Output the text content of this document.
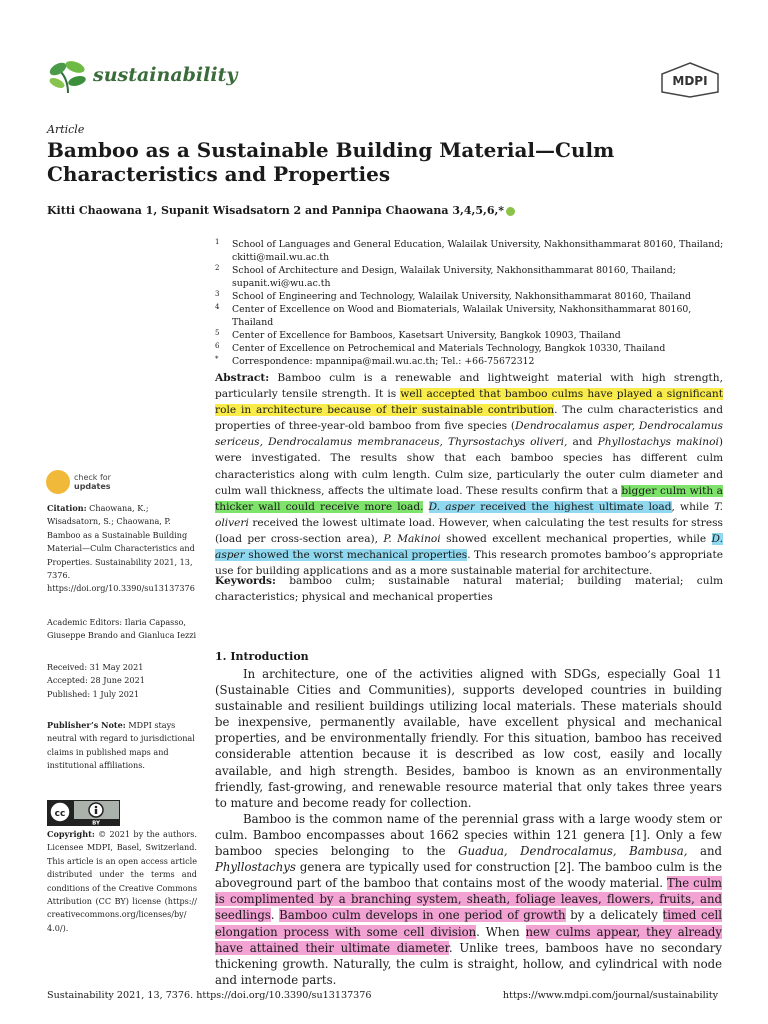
sustainability	MDPI
Article
Bamboo as a Sustainable Building Material—Culm Characteristics and Properties
Kitti Chaowana 1, Supanit Wisadsatorn 2 and Pannipa Chaowana 3,4,5,6,*
1 School of Languages and General Education, Walailak University, Nakhonsithammarat 80160, Thailand; ckitti@mail.wu.ac.th
2 School of Architecture and Design, Walailak University, Nakhonsithammarat 80160, Thailand; supanit.wi@wu.ac.th
3 School of Engineering and Technology, Walailak University, Nakhonsithammarat 80160, Thailand
4 Center of Excellence on Wood and Biomaterials, Walailak University, Nakhonsithammarat 80160, Thailand
5 Center of Excellence for Bamboos, Kasetsart University, Bangkok 10903, Thailand
6 Center of Excellence on Petrochemical and Materials Technology, Bangkok 10330, Thailand
* Correspondence: mpannipa@mail.wu.ac.th; Tel.: +66-75672312
Abstract: Bamboo culm is a renewable and lightweight material with high strength, particularly tensile strength. It is well accepted that bamboo culms have played a significant role in architecture because of their sustainable contribution. The culm characteristics and properties of three-year-old bamboo from five species (Dendrocalamus asper, Dendrocalamus sericeus, Dendrocalamus membranaceus, Thyrsostachys oliveri, and Phyllostachys makinoi) were investigated. The results show that each bamboo species has different culm characteristics along with culm length. Culm size, particularly the outer culm diameter and culm wall thickness, affects the ultimate load. These results confirm that a bigger culm with a thicker wall could receive more load. D. asper received the highest ultimate load, while T. oliveri received the lowest ultimate load. However, when calculating the test results for stress (load per cross-section area), P. Makinoi showed excellent mechanical properties, while D. asper showed the worst mechanical properties. This research promotes bamboo’s appropriate use for building applications and as a more sustainable material for architecture.
Keywords: bamboo culm; sustainable natural material; building material; culm characteristics; physical and mechanical properties
1. Introduction

In architecture, one of the activities aligned with SDGs, especially Goal 11 (Sustainable Cities and Communities), supports developed countries in building sustainable and resilient buildings utilizing local materials. These materials should be inexpensive, permanently available, have excellent physical and mechanical properties, and be environmentally friendly. For this situation, bamboo has received considerable attention because it is described as low cost, easily and locally available, and high strength. Besides, bamboo is known as an environmentally friendly, fast-growing, and renewable resource material that only takes three years to mature and become ready for collection.

Bamboo is the common name of the perennial grass with a large woody stem or culm. Bamboo encompasses about 1662 species within 121 genera [1]. Only a few bamboo species belonging to the Guadua, Dendrocalamus, Bambusa, and Phyllostachys genera are typically used for construction [2]. The bamboo culm is the aboveground part of the bamboo that contains most of the woody material. The culm is complimented by a branching system, sheath, foliage leaves, flowers, fruits, and seedlings. Bamboo culm develops in one period of growth by a delicately timed cell elongation process with some cell division. When new culms appear, they already have attained their ultimate diameter. Unlike trees, bamboos have no secondary thickening growth. Naturally, the culm is straight, hollow, and cylindrical with node and internode parts.

check for
updates
Citation: Chaowana, K.; Wisadsatorn, S.; Chaowana, P. Bamboo as a Sustainable Building Material—Culm Characteristics and Properties. Sustainability 2021, 13, 7376. https://doi.org/10.3390/su13137376
Academic Editors: Ilaria Capasso, Giuseppe Brando and Gianluca Iezzi
Received: 31 May 2021
Accepted: 28 June 2021
Published: 1 July 2021
Publisher’s Note: MDPI stays neutral with regard to jurisdictional claims in published maps and institutional affiliations.
cc
BY
Copyright: © 2021 by the authors. Licensee MDPI, Basel, Switzerland. This article is an open access article distributed under the terms and conditions of the Creative Commons Attribution (CC BY) license (https:// creativecommons.org/licenses/by/ 4.0/).
Sustainability 2021, 13, 7376. https://doi.org/10.3390/su13137376	https://www.mdpi.com/journal/sustainability
